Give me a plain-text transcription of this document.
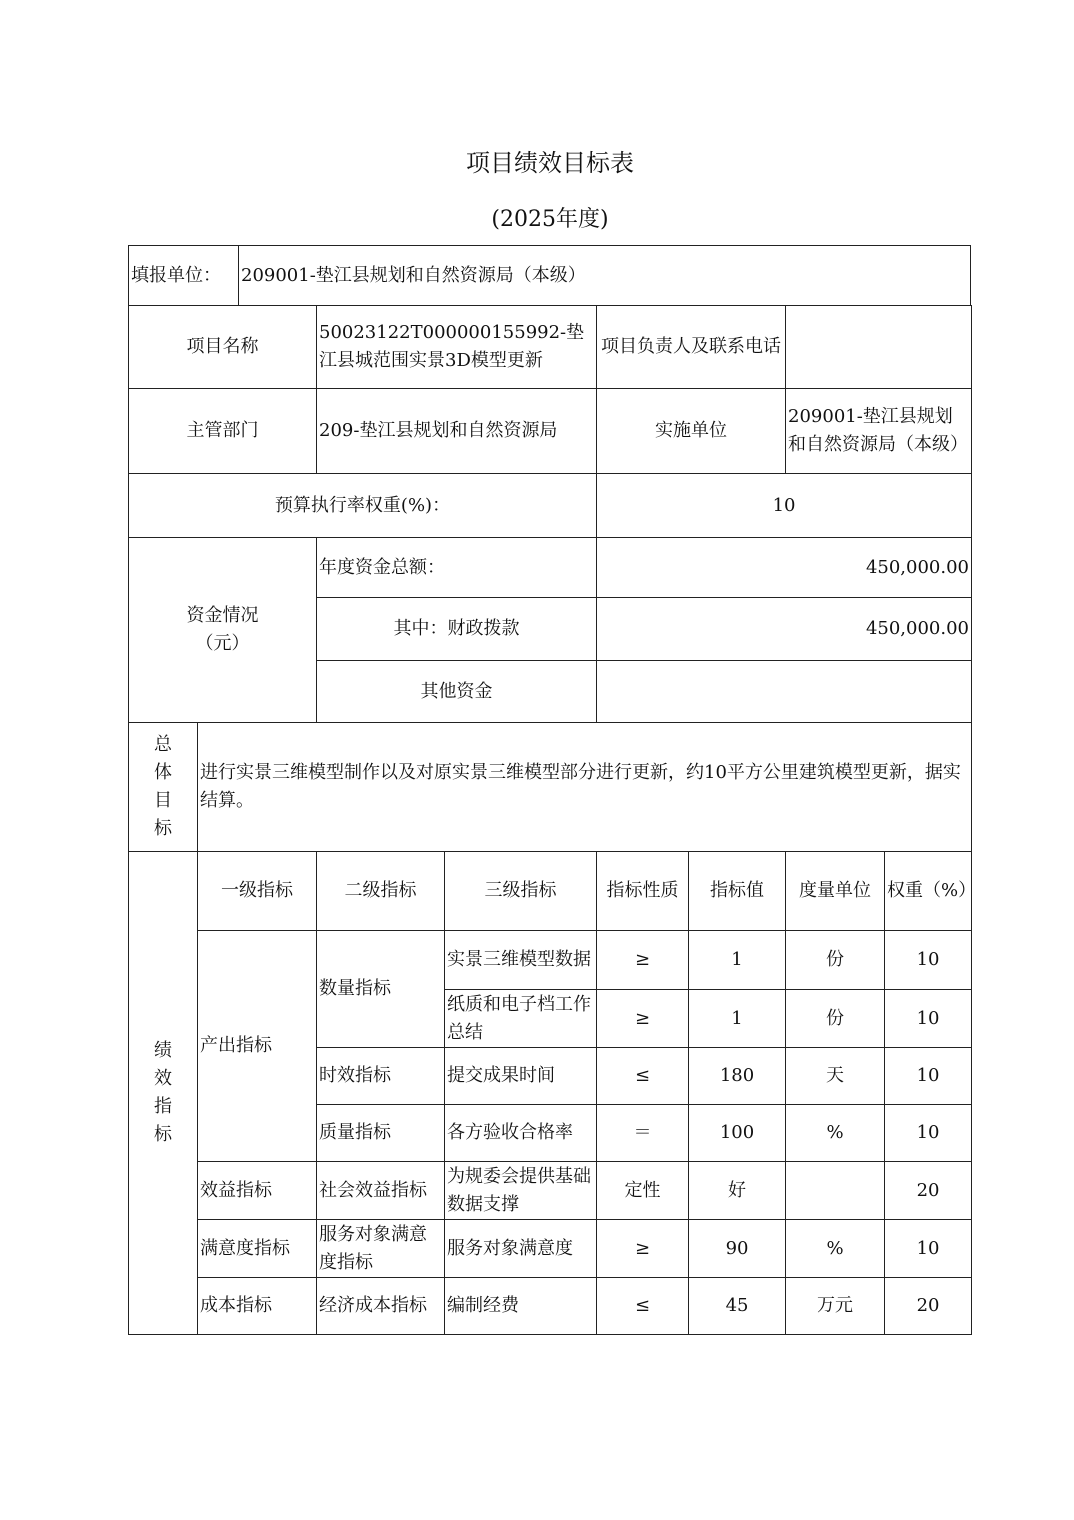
项目绩效目标表
(2025年度)
填报单位：	209001-垫江县规划和自然资源局（本级）
项目名称		50023122T000000155992-垫江县城范围实景3D模型更新		项目负责人及联系电话			
主管部门		209-垫江县规划和自然资源局		实施单位		209001-垫江县规划和自然资源局（本级）	
预算执行率权重(%)：				10			
资金情况（元）		年度资金总额：		450,000.00			
		其中：财政拨款		450,000.00			
		其他资金					

总体目标	进行实景三维模型制作以及对原实景三维模型部分进行更新，约10平方公里建筑模型更新，据实结算。						

绩效指标	一级指标	二级指标	三级指标	指标性质	指标值	度量单位	权重（%）
	产出指标	数量指标	实景三维模型数据	≥	1	份	10
			纸质和电子档工作总结	≥	1	份	10
		时效指标	提交成果时间	≤	180	天	10
		质量指标	各方验收合格率	＝	100	%	10
	效益指标	社会效益指标	为规委会提供基础数据支撑	定性	好		20
	满意度指标	服务对象满意度指标	服务对象满意度	≥	90	%	10
	成本指标	经济成本指标	编制经费	≤	45	万元	20
